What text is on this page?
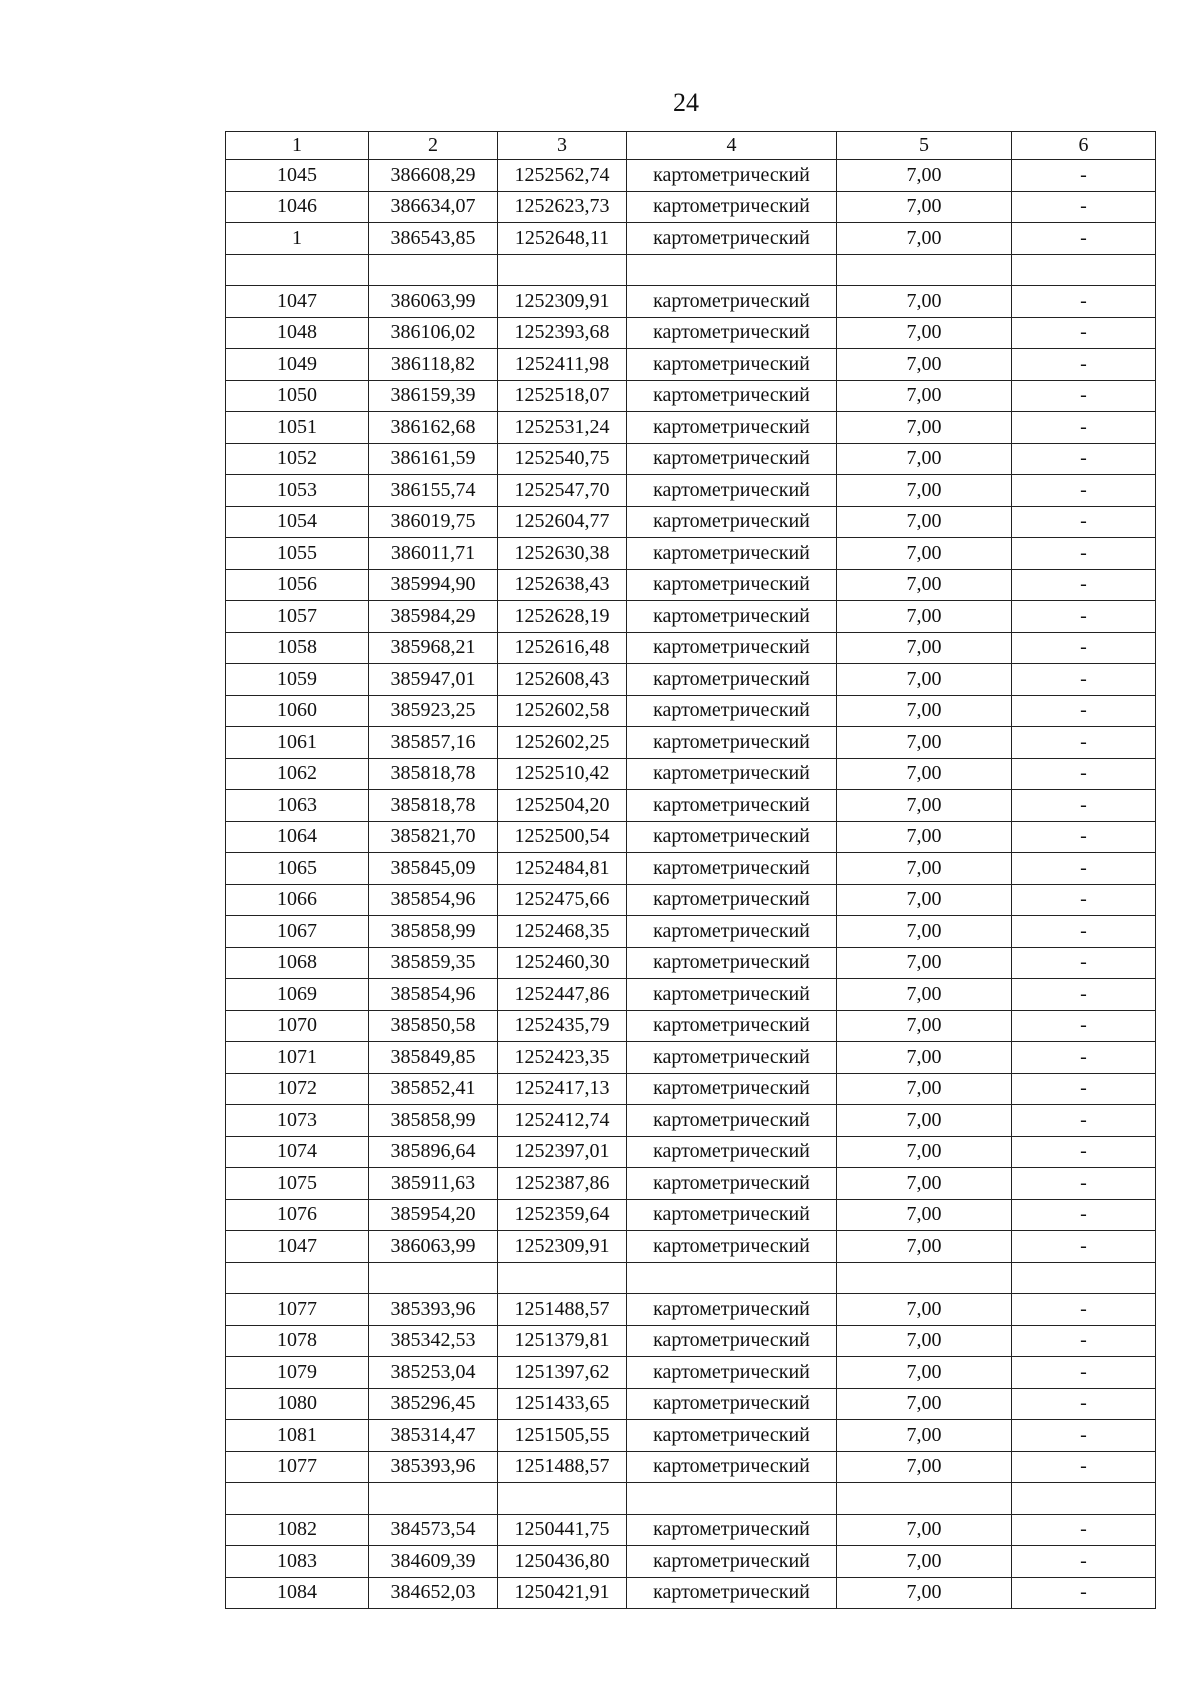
24
1	2	3	4	5	6
1045	386608,29	1252562,74	картометрический	7,00	-
1046	386634,07	1252623,73	картометрический	7,00	-
1	386543,85	1252648,11	картометрический	7,00	-

1047	386063,99	1252309,91	картометрический	7,00	-
1048	386106,02	1252393,68	картометрический	7,00	-
1049	386118,82	1252411,98	картометрический	7,00	-
1050	386159,39	1252518,07	картометрический	7,00	-
1051	386162,68	1252531,24	картометрический	7,00	-
1052	386161,59	1252540,75	картометрический	7,00	-
1053	386155,74	1252547,70	картометрический	7,00	-
1054	386019,75	1252604,77	картометрический	7,00	-
1055	386011,71	1252630,38	картометрический	7,00	-
1056	385994,90	1252638,43	картометрический	7,00	-
1057	385984,29	1252628,19	картометрический	7,00	-
1058	385968,21	1252616,48	картометрический	7,00	-
1059	385947,01	1252608,43	картометрический	7,00	-
1060	385923,25	1252602,58	картометрический	7,00	-
1061	385857,16	1252602,25	картометрический	7,00	-
1062	385818,78	1252510,42	картометрический	7,00	-
1063	385818,78	1252504,20	картометрический	7,00	-
1064	385821,70	1252500,54	картометрический	7,00	-
1065	385845,09	1252484,81	картометрический	7,00	-
1066	385854,96	1252475,66	картометрический	7,00	-
1067	385858,99	1252468,35	картометрический	7,00	-
1068	385859,35	1252460,30	картометрический	7,00	-
1069	385854,96	1252447,86	картометрический	7,00	-
1070	385850,58	1252435,79	картометрический	7,00	-
1071	385849,85	1252423,35	картометрический	7,00	-
1072	385852,41	1252417,13	картометрический	7,00	-
1073	385858,99	1252412,74	картометрический	7,00	-
1074	385896,64	1252397,01	картометрический	7,00	-
1075	385911,63	1252387,86	картометрический	7,00	-
1076	385954,20	1252359,64	картометрический	7,00	-
1047	386063,99	1252309,91	картометрический	7,00	-

1077	385393,96	1251488,57	картометрический	7,00	-
1078	385342,53	1251379,81	картометрический	7,00	-
1079	385253,04	1251397,62	картометрический	7,00	-
1080	385296,45	1251433,65	картометрический	7,00	-
1081	385314,47	1251505,55	картометрический	7,00	-
1077	385393,96	1251488,57	картометрический	7,00	-

1082	384573,54	1250441,75	картометрический	7,00	-
1083	384609,39	1250436,80	картометрический	7,00	-
1084	384652,03	1250421,91	картометрический	7,00	-
